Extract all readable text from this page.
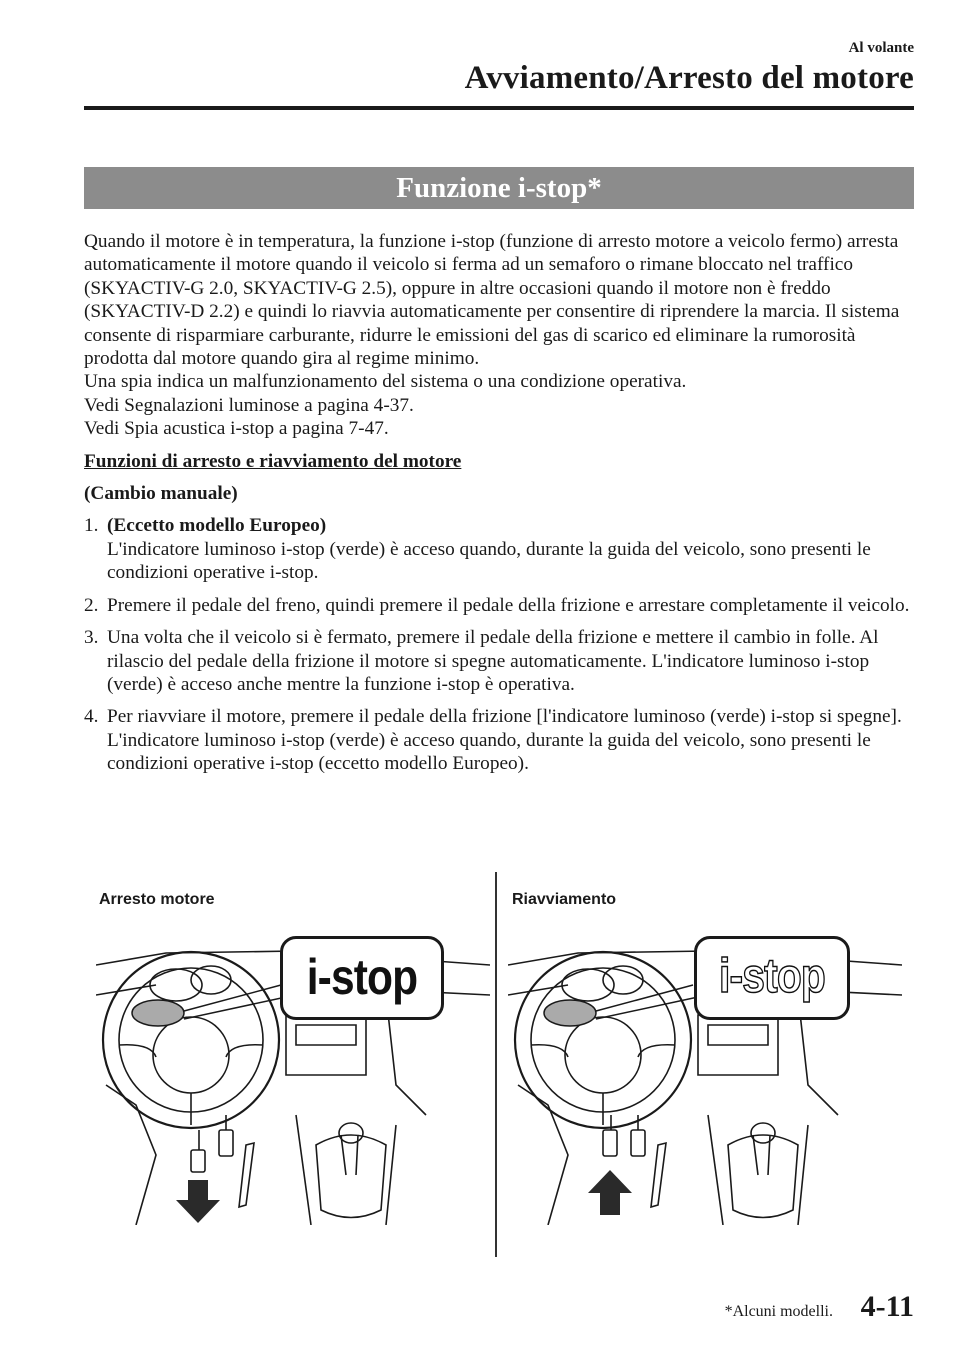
Al volante
Avviamento/Arresto del motore
Funzione i-stop*

Quando il motore è in temperatura, la funzione i-stop (funzione di arresto motore a veicolo fermo) arresta automaticamente il motore quando il veicolo si ferma ad un semaforo o rimane bloccato nel traffico (SKYACTIV-G 2.0, SKYACTIV-G 2.5), oppure in altre occasioni quando il motore non è freddo (SKYACTIV-D 2.2) e quindi lo riavvia automaticamente per consentire di riprendere la marcia. Il sistema consente di risparmiare carburante, ridurre le emissioni del gas di scarico ed eliminare la rumorosità prodotta dal motore quando gira al regime minimo.

Una spia indica un malfunzionamento del sistema o una condizione operativa.

Vedi Segnalazioni luminose a pagina 4-37.

Vedi Spia acustica i-stop a pagina 7-47.

Funzioni di arresto e riavviamento del motore

(Cambio manuale)

1. (Eccetto modello Europeo)
L'indicatore luminoso i-stop (verde) è acceso quando, durante la guida del veicolo, sono presenti le condizioni operative i-stop.
2. Premere il pedale del freno, quindi premere il pedale della frizione e arrestare completamente il veicolo.
3. Una volta che il veicolo si è fermato, premere il pedale della frizione e mettere il cambio in folle. Al rilascio del pedale della frizione il motore si spegne automaticamente. L'indicatore luminoso i-stop (verde) è acceso anche mentre la funzione i-stop è operativa.
4. Per riavviare il motore, premere il pedale della frizione [l'indicatore luminoso (verde) i-stop si spegne]. L'indicatore luminoso i-stop (verde) è acceso quando, durante la guida del veicolo, sono presenti le condizioni operative i-stop (eccetto modello Europeo).
Arresto motore	Riavviamento
i-stop	i-stop
*Alcuni modelli. 4-11
